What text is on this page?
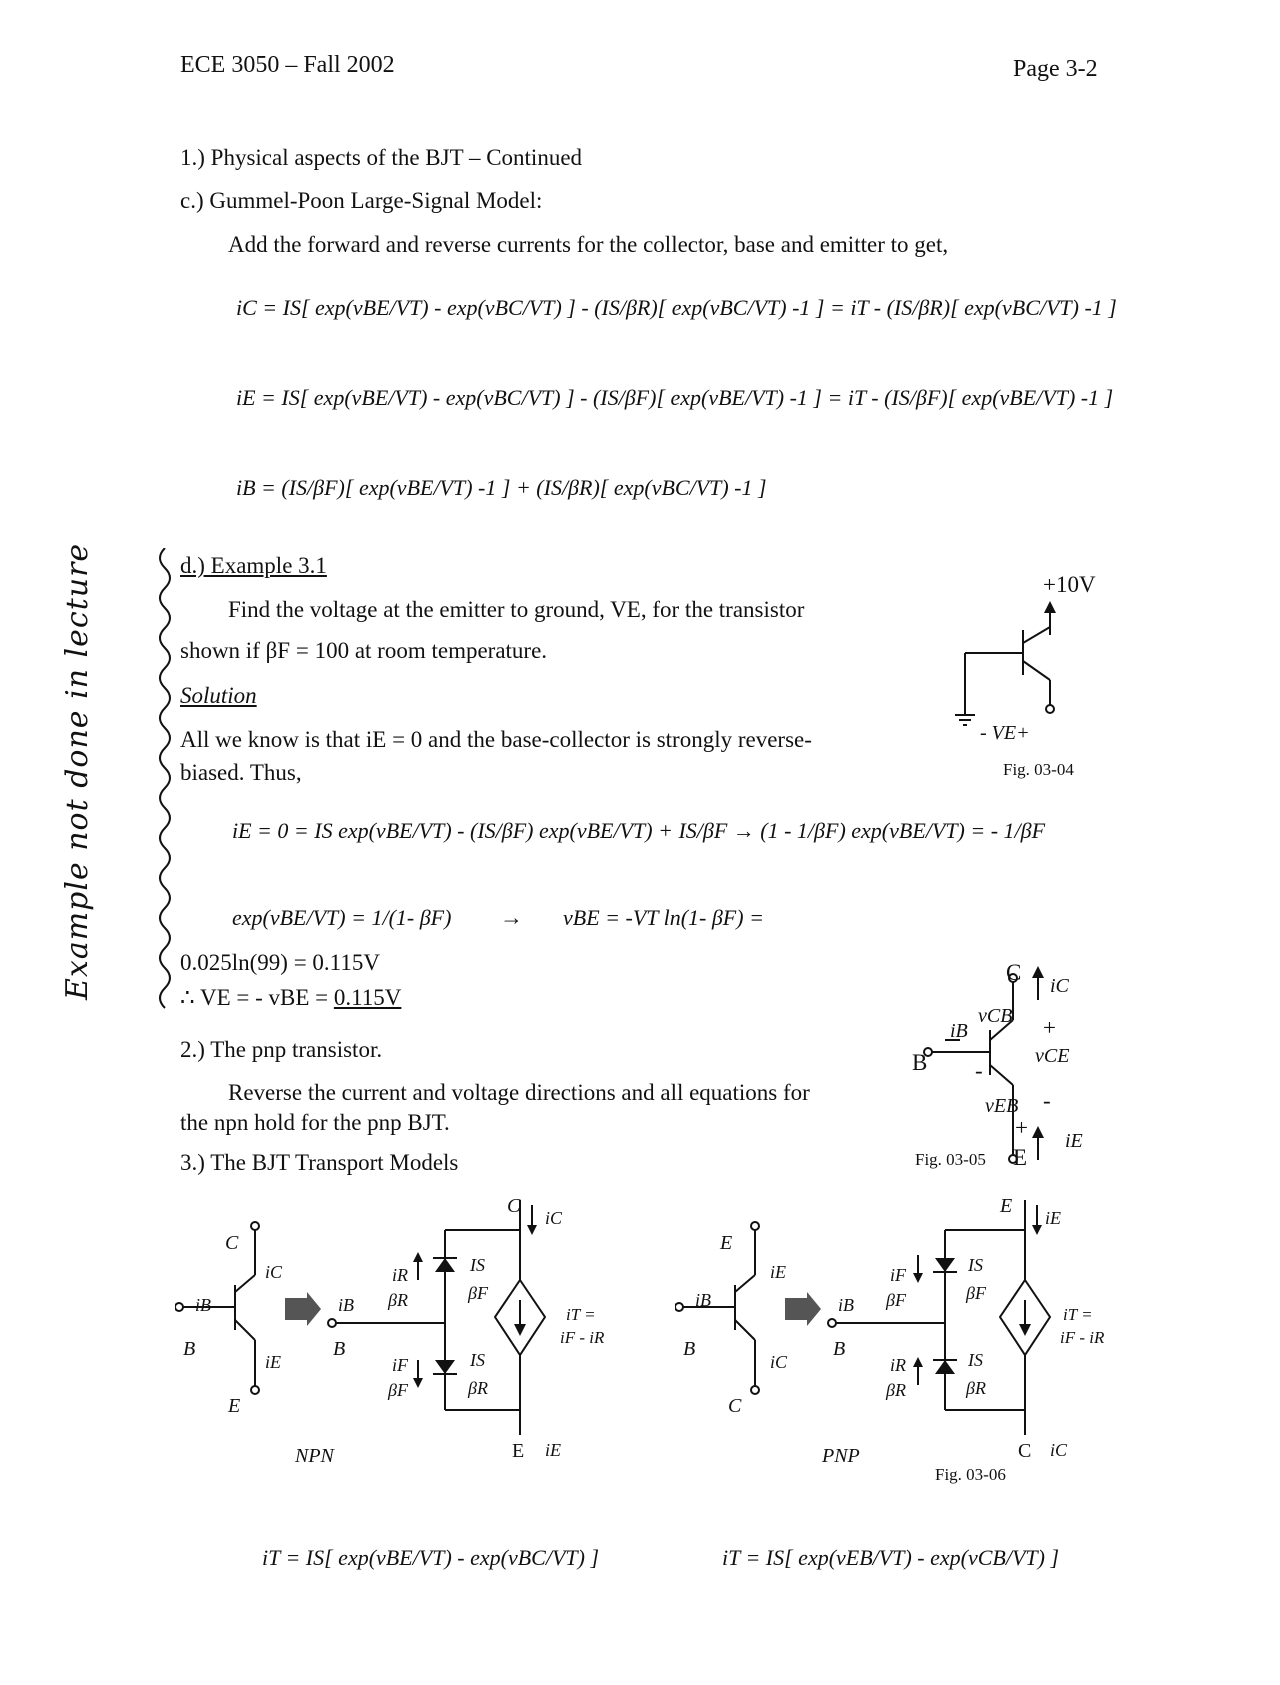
ECE 3050 – Fall 2002	Page 3-2
1.) Physical aspects of the BJT – Continued
c.) Gummel-Poon Large-Signal Model:
Add the forward and reverse currents for the collector, base and emitter to get,
iC = IS[ exp(vBE/VT) - exp(vBC/VT) ] - (IS/βR)[ exp(vBC/VT) -1 ] = iT - (IS/βR)[ exp(vBC/VT) -1 ]
iE = IS[ exp(vBE/VT) - exp(vBC/VT) ] - (IS/βF)[ exp(vBE/VT) -1 ] = iT - (IS/βF)[ exp(vBE/VT) -1 ]
iB = (IS/βF)[ exp(vBE/VT) -1 ] + (IS/βR)[ exp(vBC/VT) -1 ]
Example not done in lecture	d.) Example 3.1
Find the voltage at the emitter to ground, VE, for the transistor
shown if βF = 100 at room temperature.
Solution
All we know is that iE = 0 and the base-collector is strongly reverse-
biased. Thus,
iE = 0 = IS exp(vBE/VT) - (IS/βF) exp(vBE/VT) + IS/βF → (1 - 1/βF) exp(vBE/VT) = - 1/βF
exp(vBE/VT) = 1/(1- βF) → vBE = -VT ln(1- βF) =
0.025ln(99) = 0.115V
∴ VE = - vBE = 0.115V
+10V
- VE+
Fig. 03-04
2.) The pnp transistor.
Reverse the current and voltage directions and all equations for
the npn hold for the pnp BJT.
C
iC
vCB
iB	+
vCE
B -
-
vEB
+
iE
Fig. 03-05 E
3.) The BJT Transport Models
C
iC
iB
B
iE
E
iB
B
iR
βR
iF
βF
IS
βF
IS
βR
C
iC
iT =
iF - iR
E iE
NPN
E
iE
iB
B
iC
C
iB
B
iF
βF
iR
βR
IS
βF
IS
βR
E
iE
iT =
iF - iR
C iC
PNP
Fig. 03-06
iT = IS[ exp(vBE/VT) - exp(vBC/VT) ]	iT = IS[ exp(vEB/VT) - exp(vCB/VT) ]
